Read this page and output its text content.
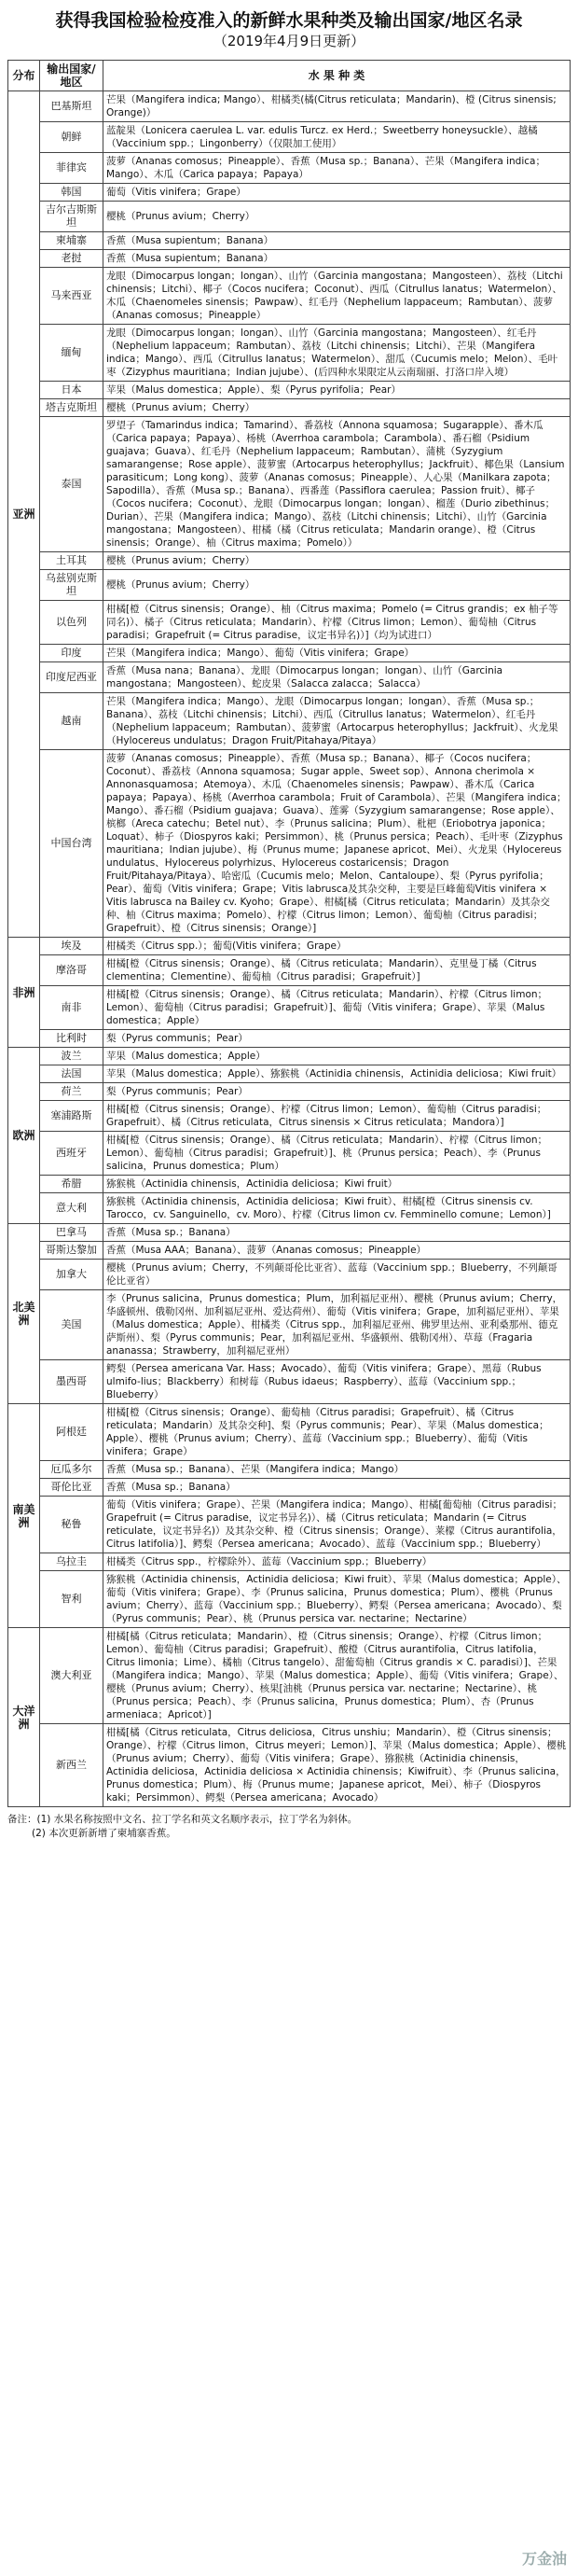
获得我国检验检疫准入的新鲜水果种类及输出国家/地区名录
（2019年4月9日更新）
分布	输出国家/地区	水 果 种 类
亚洲	巴基斯坦	芒果（Mangifera indica; Mango）、柑橘类(橘(Citrus reticulata；Mandarin)、橙 (Citrus sinensis; Orange)）
	朝鲜	蓝靛果（Lonicera caerulea L. var. edulis Turcz. ex Herd.；Sweetberry honeysuckle）、越橘（Vaccinium spp.；Lingonberry）（仅限加工使用）
	菲律宾	菠萝（Ananas comosus；Pineapple）、香蕉（Musa sp.；Banana）、芒果（Mangifera indica；Mango）、木瓜（Carica papaya；Papaya）
	韩国	葡萄（Vitis vinifera；Grape）
	吉尔吉斯斯坦	樱桃（Prunus avium；Cherry）
	柬埔寨	香蕉（Musa supientum；Banana）
	老挝	香蕉（Musa supientum；Banana）
	马来西亚	龙眼（Dimocarpus longan；longan）、山竹（Garcinia mangostana；Mangosteen）、荔枝（Litchi chinensis；Litchi）、椰子（Cocos nucifera；Coconut）、西瓜（Citrullus lanatus；Watermelon）、木瓜（Chaenomeles sinensis；Pawpaw）、红毛丹（Nephelium lappaceum；Rambutan）、菠萝（Ananas comosus；Pineapple）
	缅甸	龙眼（Dimocarpus longan；longan）、山竹（Garcinia mangostana；Mangosteen）、红毛丹（Nephelium lappaceum；Rambutan）、荔枝（Litchi chinensis；Litchi）、芒果（Mangifera indica；Mango）、西瓜（Citrullus lanatus；Watermelon）、甜瓜（Cucumis melo；Melon）、毛叶枣（Zizyphus mauritiana；Indian jujube）、(后四种水果限定从云南瑞丽、打洛口岸入境）
	日本	苹果（Malus domestica；Apple）、梨（Pyrus pyrifolia；Pear）
	塔吉克斯坦	樱桃（Prunus avium；Cherry）
	泰国	罗望子（Tamarindus indica；Tamarind）、番荔枝（Annona squamosa；Sugarapple）、番木瓜（Carica papaya；Papaya）、杨桃（Averrhoa carambola；Carambola）、番石榴（Psidium guajava；Guava）、红毛丹（Nephelium lappaceum；Rambutan）、蒲桃（Syzygium samarangense；Rose apple）、菠萝蜜（Artocarpus heterophyllus；Jackfruit）、椰色果（Lansium parasiticum；Long kong）、菠萝（Ananas comosus；Pineapple）、人心果（Manilkara zapota；Sapodilla）、香蕉（Musa sp.；Banana）、西番莲（Passiflora caerulea；Passion fruit）、椰子（Cocos nucifera；Coconut）、龙眼（Dimocarpus longan；longan）、榴莲（Durio zibethinus；Durian）、芒果（Mangifera indica；Mango）、荔枝（Litchi chinensis；Litchi）、山竹（Garcinia mangostana；Mangosteen）、柑橘（橘（Citrus reticulata；Mandarin orange）、橙（Citrus sinensis；Orange）、柚（Citrus maxima；Pomelo））
	土耳其	樱桃（Prunus avium；Cherry）
	乌兹别克斯坦	樱桃（Prunus avium；Cherry）
	以色列	柑橘[橙（Citrus sinensis；Orange）、柚（Citrus maxima；Pomelo (= Citrus grandis；ex 柚子等同名)）、橘子（Citrus reticulata；Mandarin）、柠檬（Citrus limon；Lemon）、葡萄柚（Citrus paradisi；Grapefruit (= Citrus paradise，议定书异名)）]（均为试进口）
	印度	芒果（Mangifera indica；Mango）、葡萄（Vitis vinifera；Grape）
	印度尼西亚	香蕉（Musa nana；Banana）、龙眼（Dimocarpus longan；longan）、山竹（Garcinia mangostana；Mangosteen）、蛇皮果（Salacca zalacca；Salacca）
	越南	芒果（Mangifera indica；Mango）、龙眼（Dimocarpus longan；longan）、香蕉（Musa sp.；Banana）、荔枝（Litchi chinensis；Litchi）、西瓜（Citrullus lanatus；Watermelon）、红毛丹（Nephelium lappaceum；Rambutan）、菠萝蜜（Artocarpus heterophyllus；Jackfruit）、火龙果（Hylocereus undulatus；Dragon Fruit/Pitahaya/Pitaya）
	中国台湾	菠萝（Ananas comosus；Pineapple）、香蕉（Musa sp.；Banana）、椰子（Cocos nucifera；Coconut）、番荔枝（Annona squamosa；Sugar apple、Sweet sop）、Annona cherimola × Annonasquamosa；Atemoya）、木瓜（Chaenomeles sinensis；Pawpaw）、番木瓜（Carica papaya；Papaya）、杨桃（Averrhoa carambola；Fruit of Carambola）、芒果（Mangifera indica；Mango）、番石榴（Psidium guajava；Guava）、莲雾（Syzygium samarangense；Rose apple）、槟榔（Areca catechu；Betel nut）、李（Prunus salicina；Plum）、枇杷（Eriobotrya japonica；Loquat）、柿子（Diospyros kaki；Persimmon）、桃（Prunus persica；Peach）、毛叶枣（Zizyphus mauritiana；Indian jujube）、梅（Prunus mume；Japanese apricot、Mei）、火龙果（Hylocereus undulatus、Hylocereus polyrhizus、Hylocereus costaricensis；Dragon Fruit/Pitahaya/Pitaya）、哈密瓜（Cucumis melo；Melon、Cantaloupe）、梨（Pyrus pyrifolia；Pear）、葡萄（Vitis vinifera；Grape；Vitis labrusca及其杂交种，主要是巨峰葡萄Vitis vinifera × Vitis labrusca na Bailey cv. Kyoho；Grape）、柑橘[橘（Citrus reticulata；Mandarin）及其杂交种、柚（Citrus maxima；Pomelo）、柠檬（Citrus limon；Lemon）、葡萄柚（Citrus paradisi；Grapefruit）、橙（Citrus sinensis；Orange）]
非洲	埃及	柑橘类（Citrus spp.）；葡萄(Vitis vinifera；Grape）
	摩洛哥	柑橘[橙（Citrus sinensis；Orange）、橘（Citrus reticulata；Mandarin）、克里曼丁橘（Citrus clementina；Clementine）、葡萄柚（Citrus paradisi；Grapefruit）]
	南非	柑橘[橙（Citrus sinensis；Orange）、橘（Citrus reticulata；Mandarin）、柠檬（Citrus limon；Lemon）、葡萄柚（Citrus paradisi；Grapefruit）]、葡萄（Vitis vinifera；Grape）、苹果（Malus domestica；Apple）
	比利时	梨（Pyrus communis；Pear）
欧洲	波兰	苹果（Malus domestica；Apple）
	法国	苹果（Malus domestica；Apple）、猕猴桃（Actinidia chinensis，Actinidia deliciosa；Kiwi fruit）
	荷兰	梨（Pyrus communis；Pear）
	塞浦路斯	柑橘[橙（Citrus sinensis；Orange）、柠檬（Citrus limon；Lemon）、葡萄柚（Citrus paradisi；Grapefruit）、橘（Citrus reticulata，Citrus sinensis × Citrus reticulata；Mandora）]
	西班牙	柑橘[橙（Citrus sinensis；Orange）、橘（Citrus reticulata；Mandarin）、柠檬（Citrus limon；Lemon）、葡萄柚（Citrus paradisi；Grapefruit）]、桃（Prunus persica；Peach）、李（Prunus salicina，Prunus domestica；Plum）
	希腊	猕猴桃（Actinidia chinensis，Actinidia deliciosa；Kiwi fruit）
	意大利	猕猴桃（Actinidia chinensis，Actinidia deliciosa；Kiwi fruit）、柑橘[橙（Citrus sinensis cv. Tarocco，cv. Sanguinello，cv. Moro）、柠檬（Citrus limon cv. Femminello comune；Lemon）]
北美洲	巴拿马	香蕉（Musa sp.；Banana）
	哥斯达黎加	香蕉（Musa AAA；Banana）、菠萝（Ananas comosus；Pineapple）
	加拿大	樱桃（Prunus avium；Cherry，不列颠哥伦比亚省）、蓝莓（Vaccinium spp.；Blueberry，不列颠哥伦比亚省）
	美国	李（Prunus salicina，Prunus domestica；Plum，加利福尼亚州）、樱桃（Prunus avium；Cherry，华盛顿州、俄勒冈州、加利福尼亚州、爱达荷州）、葡萄（Vitis vinifera；Grape，加利福尼亚州）、苹果（Malus domestica；Apple）、柑橘类（Citrus spp.，加利福尼亚州、佛罗里达州、亚利桑那州、德克萨斯州）、梨（Pyrus communis；Pear，加利福尼亚州、华盛顿州、俄勒冈州）、草莓（Fragaria ananassa；Strawberry，加利福尼亚州）
	墨西哥	鳄梨（Persea americana Var. Hass；Avocado）、葡萄（Vitis vinifera；Grape）、黑莓（Rubus ulmifo-lius；Blackberry）和树莓（Rubus idaeus；Raspberry）、蓝莓（Vaccinium spp.；Blueberry）
南美洲	阿根廷	柑橘[橙（Citrus sinensis；Orange）、葡萄柚（Citrus paradisi；Grapefruit）、橘（Citrus reticulata；Mandarin）及其杂交种]、梨（Pyrus communis；Pear）、苹果（Malus domestica；Apple）、樱桃（Prunus avium；Cherry）、蓝莓（Vaccinium spp.；Blueberry）、葡萄（Vitis vinifera；Grape）
	厄瓜多尔	香蕉（Musa sp.；Banana）、芒果（Mangifera indica；Mango）
	哥伦比亚	香蕉（Musa sp.；Banana）
	秘鲁	葡萄（Vitis vinifera；Grape）、芒果（Mangifera indica；Mango）、柑橘[葡萄柚（Citrus paradisi；Grapefruit (= Citrus paradise，议定书异名)）、橘（Citrus reticulata；Mandarin (= Citrus reticulate，议定书异名)）及其杂交种、橙（Citrus sinensis；Orange）、莱檬（Citrus aurantifolia，Citrus latifolia）]、鳄梨（Persea americana；Avocado）、蓝莓（Vaccinium spp.；Blueberry）
	乌拉圭	柑橘类（Citrus spp.，柠檬除外）、蓝莓（Vaccinium spp.；Blueberry）
	智利	猕猴桃（Actinidia chinensis，Actinidia deliciosa；Kiwi fruit）、苹果（Malus domestica；Apple）、葡萄（Vitis vinifera；Grape）、李（Prunus salicina，Prunus domestica；Plum）、樱桃（Prunus avium；Cherry）、蓝莓（Vaccinium spp.；Blueberry）、鳄梨（Persea americana；Avocado）、梨（Pyrus communis；Pear）、桃（Prunus persica var. nectarine；Nectarine）
大洋洲	澳大利亚	柑橘[橘（Citrus reticulata；Mandarin）、橙（Citrus sinensis；Orange）、柠檬（Citrus limon；Lemon）、葡萄柚（Citrus paradisi；Grapefruit）、酸橙（Citrus aurantifolia，Citrus latifolia，Citrus limonia；Lime）、橘柚（Citrus tangelo）、甜葡萄柚（Citrus grandis × C. paradisi）]、芒果（Mangifera indica；Mango）、苹果（Malus domestica；Apple）、葡萄（Vitis vinifera；Grape）、樱桃（Prunus avium；Cherry）、核果[油桃（Prunus persica var. nectarine；Nectarine）、桃（Prunus persica；Peach）、李（Prunus salicina，Prunus domestica；Plum）、杏（Prunus armeniaca；Apricot）]
	新西兰	柑橘[橘（Citrus reticulata，Citrus deliciosa，Citrus unshiu；Mandarin）、橙（Citrus sinensis；Orange）、柠檬（Citrus limon，Citrus meyeri；Lemon）]、苹果（Malus domestica；Apple）、樱桃（Prunus avium；Cherry）、葡萄（Vitis vinifera；Grape）、猕猴桃（Actinidia chinensis，Actinidia deliciosa，Actinidia deliciosa × Actinidia chinensis；Kiwifruit）、李（Prunus salicina，Prunus domestica；Plum）、梅（Prunus mume；Japanese apricot，Mei）、柿子（Diospyros kaki；Persimmon）、鳄梨（Persea americana；Avocado）
备注：(1) 水果名称按照中文名、拉丁学名和英文名顺序表示，拉丁学名为斜体。
(2) 本次更新新增了柬埔寨香蕉。
万金油
